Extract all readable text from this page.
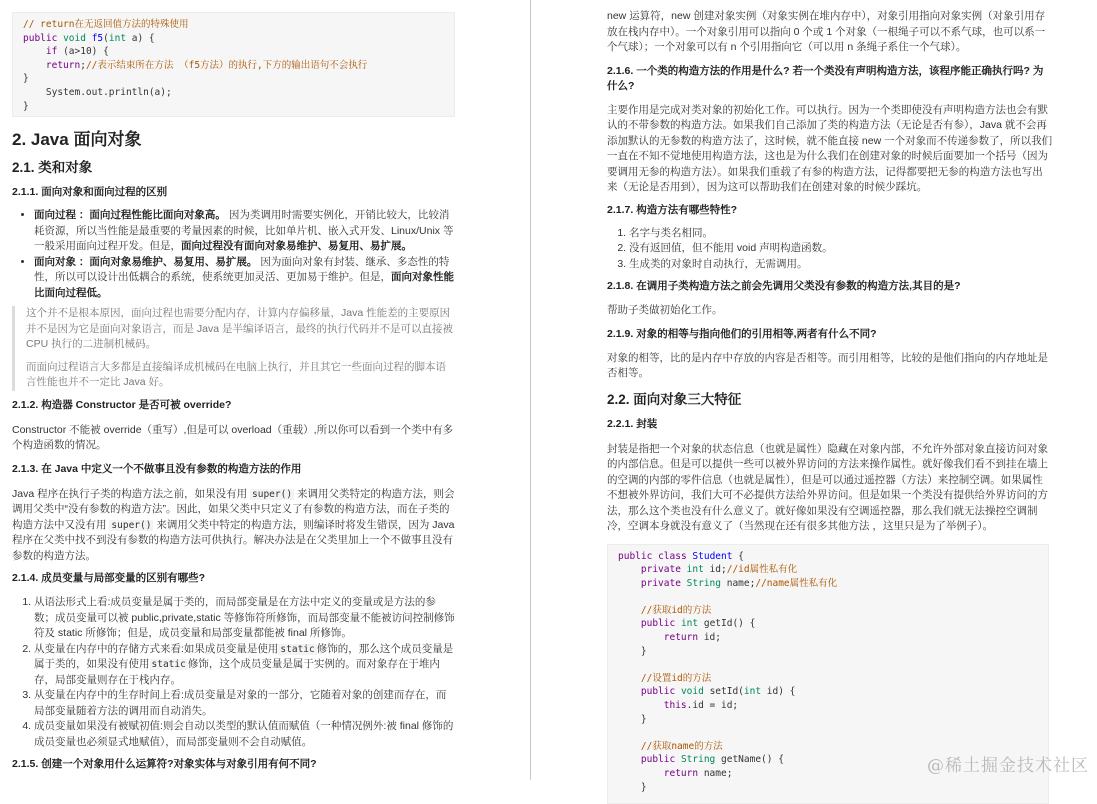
// return在无返回值方法的特殊使用
public void f5(int a) {
if (a>10) {
return;//表示结束所在方法 （f5方法）的执行,下方的输出语句不会执行
}
System.out.println(a);
}
2. Java 面向对象
2.1. 类和对象
2.1.1. 面向对象和面向过程的区别
• 面向过程 ：面向过程性能比面向对象高。 因为类调用时需要实例化，开销比较大，比较消耗资源，所以当性能是最重要的考量因素的时候，比如单片机、嵌入式开发、Linux/Unix 等一般采用面向过程开发。但是，面向过程没有面向对象易维护、易复用、易扩展。
• 面向对象 ：面向对象易维护、易复用、易扩展。 因为面向对象有封装、继承、多态性的特性，所以可以设计出低耦合的系统，使系统更加灵活、更加易于维护。但是，面向对象性能比面向过程低。

这个并不是根本原因，面向过程也需要分配内存，计算内存偏移量，Java 性能差的主要原因并不是因为它是面向对象语言，而是 Java 是半编译语言，最终的执行代码并不是可以直接被 CPU 执行的二进制机械码。

而面向过程语言大多都是直接编译成机械码在电脑上执行，并且其它一些面向过程的脚本语言性能也并不一定比 Java 好。

2.1.2. 构造器 Constructor 是否可被 override?

Constructor 不能被 override（重写）,但是可以 overload（重载）,所以你可以看到一个类中有多个构造函数的情况。

2.1.3. 在 Java 中定义一个不做事且没有参数的构造方法的作用

Java 程序在执行子类的构造方法之前，如果没有用 super() 来调用父类特定的构造方法，则会调用父类中“没有参数的构造方法”。因此，如果父类中只定义了有参数的构造方法，而在子类的构造方法中又没有用 super() 来调用父类中特定的构造方法，则编译时将发生错误，因为 Java 程序在父类中找不到没有参数的构造方法可供执行。解决办法是在父类里加上一个不做事且没有参数的构造方法。

2.1.4. 成员变量与局部变量的区别有哪些?
1. 从语法形式上看:成员变量是属于类的，而局部变量是在方法中定义的变量或是方法的参数；成员变量可以被 public,private,static 等修饰符所修饰，而局部变量不能被访问控制修饰符及 static 所修饰；但是，成员变量和局部变量都能被 final 所修饰。
2. 从变量在内存中的存储方式来看:如果成员变量是使用 static 修饰的，那么这个成员变量是属于类的，如果没有使用 static 修饰，这个成员变量是属于实例的。而对象存在于堆内存，局部变量则存在于栈内存。
3. 从变量在内存中的生存时间上看:成员变量是对象的一部分，它随着对象的创建而存在，而局部变量随着方法的调用而自动消失。
4. 成员变量如果没有被赋初值:则会自动以类型的默认值而赋值（一种情况例外:被 final 修饰的成员变量也必须显式地赋值），而局部变量则不会自动赋值。
2.1.5. 创建一个对象用什么运算符?对象实体与对象引用有何不同?

new 运算符，new 创建对象实例（对象实例在堆内存中），对象引用指向对象实例（对象引用存放在栈内存中）。一个对象引用可以指向 0 个或 1 个对象（一根绳子可以不系气球，也可以系一个气球）；一个对象可以有 n 个引用指向它（可以用 n 条绳子系住一个气球）。

2.1.6. 一个类的构造方法的作用是什么? 若一个类没有声明构造方法，该程序能正确执行吗? 为什么?

主要作用是完成对类对象的初始化工作。可以执行。因为一个类即使没有声明构造方法也会有默认的不带参数的构造方法。如果我们自己添加了类的构造方法（无论是否有参），Java 就不会再添加默认的无参数的构造方法了，这时候，就不能直接 new 一个对象而不传递参数了，所以我们一直在不知不觉地使用构造方法，这也是为什么我们在创建对象的时候后面要加一个括号（因为要调用无参的构造方法）。如果我们重载了有参的构造方法，记得都要把无参的构造方法也写出来（无论是否用到），因为这可以帮助我们在创建对象的时候少踩坑。

2.1.7. 构造方法有哪些特性?
1. 名字与类名相同。
2. 没有返回值，但不能用 void 声明构造函数。
3. 生成类的对象时自动执行，无需调用。
2.1.8. 在调用子类构造方法之前会先调用父类没有参数的构造方法,其目的是?

帮助子类做初始化工作。

2.1.9. 对象的相等与指向他们的引用相等,两者有什么不同?

对象的相等，比的是内存中存放的内容是否相等。而引用相等，比较的是他们指向的内存地址是否相等。

2.2. 面向对象三大特征
2.2.1. 封装

封装是指把一个对象的状态信息（也就是属性）隐藏在对象内部，不允许外部对象直接访问对象的内部信息。但是可以提供一些可以被外界访问的方法来操作属性。就好像我们看不到挂在墙上的空调的内部的零件信息（也就是属性），但是可以通过遥控器（方法）来控制空调。如果属性不想被外界访问，我们大可不必提供方法给外界访问。但是如果一个类没有提供给外界访问的方法，那么这个类也没有什么意义了。就好像如果没有空调遥控器，那么我们就无法操控空调制冷，空调本身就没有意义了（当然现在还有很多其他方法 ，这里只是为了举例子）。

public class Student {
private int id;//id属性私有化
private String name;//name属性私有化
//获取id的方法
public int getId() {
return id;
}
//设置id的方法
public void setId(int id) {
this.id = id;
}
//获取name的方法
public String getName() {
return name;
}
@稀土掘金技术社区
